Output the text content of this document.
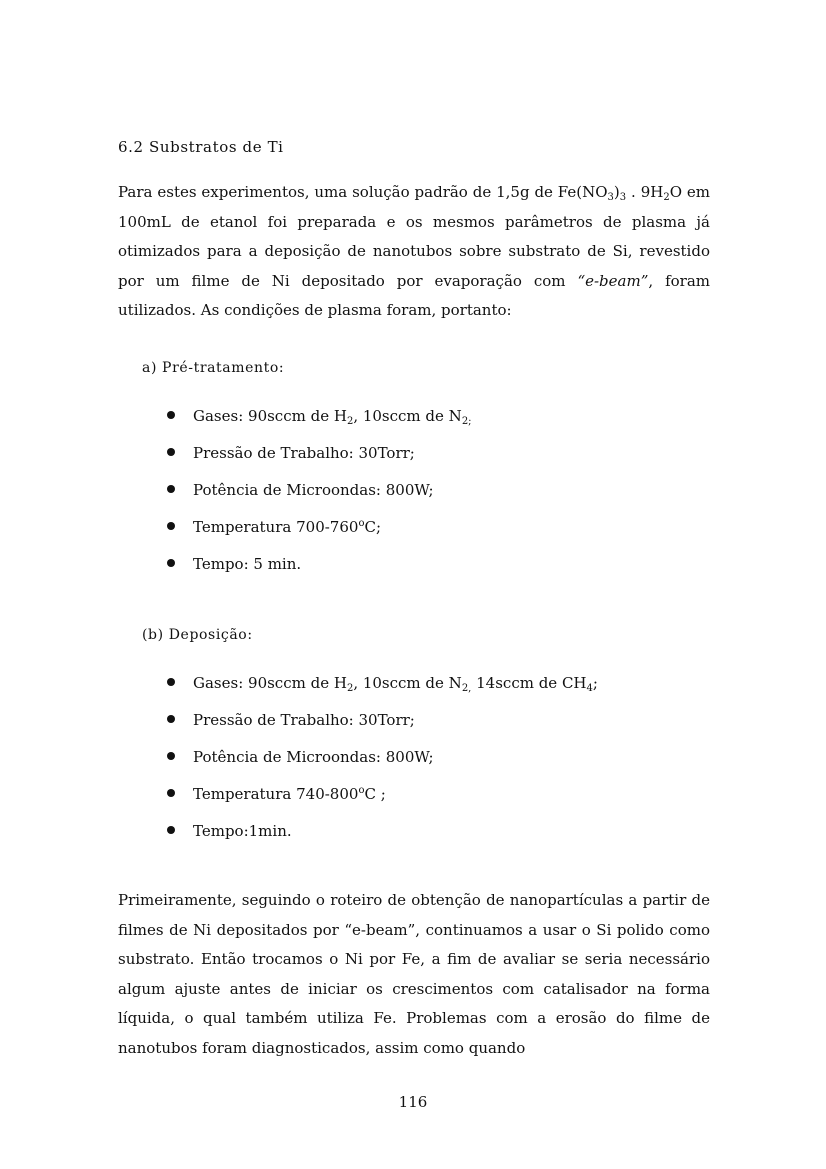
6.2 Substratos de Ti

Para estes experimentos, uma solução padrão de 1,5g de $Fe(NO_3)_3$ . $9H_2O$ em 100mL de etanol foi preparada e os mesmos parâmetros de plasma já otimizados para a deposição de nanotubos sobre substrato de Si, revestido por um filme de Ni depositado por evaporação com “e-beam”, foram utilizados. As condições de plasma foram, portanto:

a) Pré-tratamento:
Gases: 90sccm de $H_2$, 10sccm de $N_{2;}$
Pressão de Trabalho: 30Torr;
Potência de Microondas: 800W;
Temperatura 700-760$^o$C;
Tempo: 5 min.
(b) Deposição:
Gases: 90sccm de $H_2$, 10sccm de $N_{2,}$ 14sccm de $CH_4$;
Pressão de Trabalho: 30Torr;
Potência de Microondas: 800W;
Temperatura 740-800$^o$C ;
Tempo:1min.

Primeiramente, seguindo o roteiro de obtenção de nanopartículas a partir de filmes de Ni depositados por “e-beam”, continuamos a usar o Si polido como substrato. Então trocamos o Ni por Fe, a fim de avaliar se seria necessário algum ajuste antes de iniciar os crescimentos com catalisador na forma líquida, o qual também utiliza Fe. Problemas com a erosão do filme de nanotubos foram diagnosticados, assim como quando

116
